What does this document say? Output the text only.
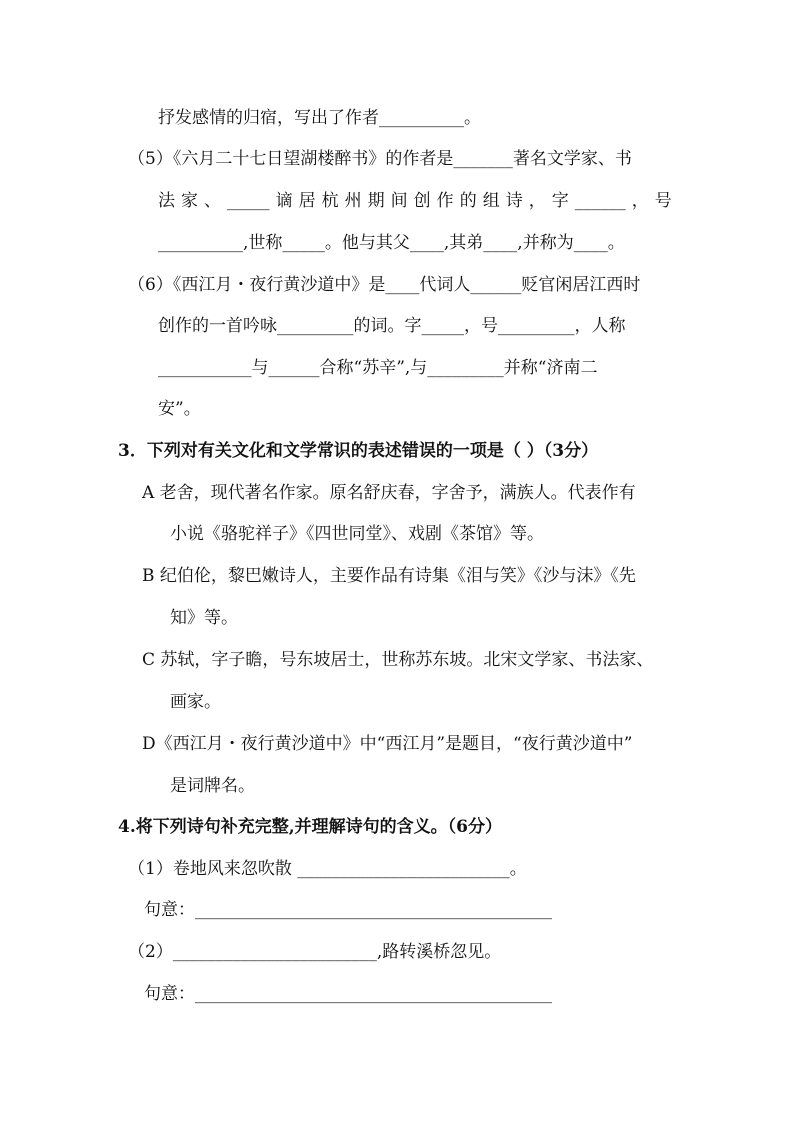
抒发感情的归宿，写出了作者__________。
（5）《六月二十七日望湖楼醉书》的作者是_______著名文学家、书
法 家 、 _____ 谪 居 杭 州 期 间 创 作 的 组 诗 ， 字 ______ ， 号
__________,世称_____。他与其父____,其弟____,并称为____。
（6）《西江月・夜行黄沙道中》是____代词人______贬官闲居江西时
创作的一首吟咏_________的词。字_____，号_________，人称
___________与______合称“苏辛”,与_________并称“济南二
安”。
3．下列对有关文化和文学常识的表述错误的一项是（ ）（3分）
A 老舍，现代著名作家。原名舒庆春，字舍予，满族人。代表作有
小说《骆驼祥子》《四世同堂》、戏剧《茶馆》等。
B 纪伯伦，黎巴嫩诗人，主要作品有诗集《泪与笑》《沙与沫》《先
知》等。
C 苏轼，字子瞻，号东坡居士，世称苏东坡。北宋文学家、书法家、
画家。
D《西江月・夜行黄沙道中》中“西江月”是题目，“夜行黄沙道中”
是词牌名。
4.将下列诗句补充完整,并理解诗句的含义。（6分）
（1）卷地风来忽吹散 _________________________。
句意：__________________________________________
（2）________________________,路转溪桥忽见。
句意：__________________________________________
